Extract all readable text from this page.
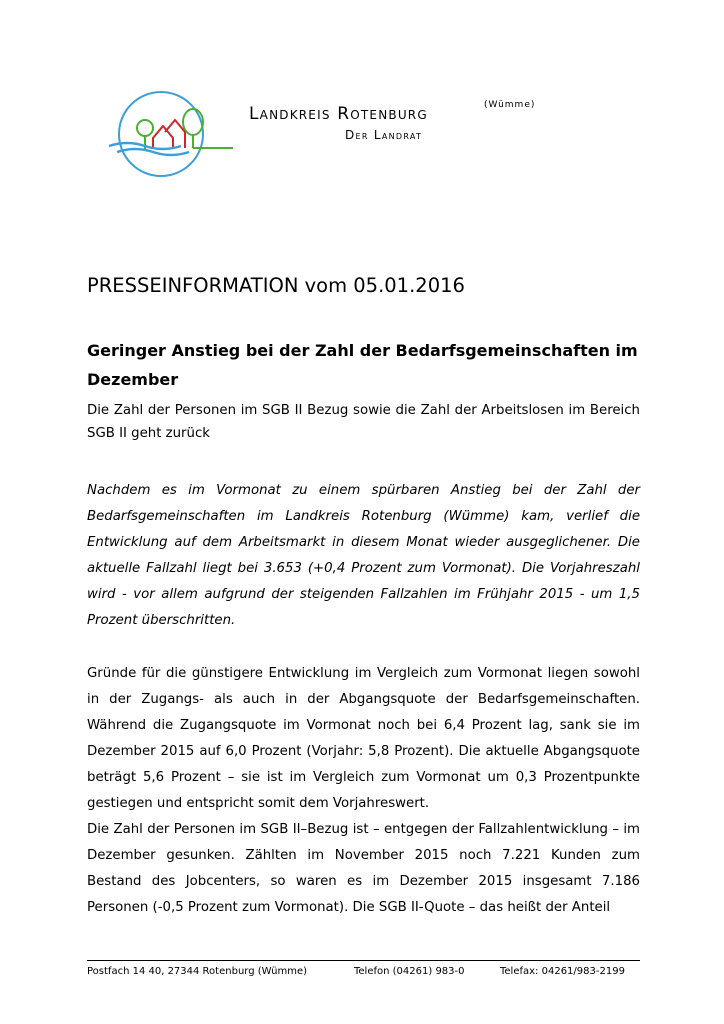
Landkreis Rotenburg	(Wümme)
Der Landrat
PRESSEINFORMATION vom 05.01.2016

Geringer Anstieg bei der Zahl der Bedarfsgemeinschaften im Dezember

Die Zahl der Personen im SGB II Bezug sowie die Zahl der Arbeitslosen im Bereich SGB II geht zurück

Nachdem es im Vormonat zu einem spürbaren Anstieg bei der Zahl der Bedarfsgemeinschaften im Landkreis Rotenburg (Wümme) kam, verlief die Entwicklung auf dem Arbeitsmarkt in diesem Monat wieder ausgeglichener. Die aktuelle Fallzahl liegt bei 3.653 (+0,4 Prozent zum Vormonat). Die Vorjahreszahl wird - vor allem aufgrund der steigenden Fallzahlen im Frühjahr 2015 - um 1,5 Prozent überschritten.

Gründe für die günstigere Entwicklung im Vergleich zum Vormonat liegen sowohl in der Zugangs- als auch in der Abgangsquote der Bedarfsgemeinschaften. Während die Zugangsquote im Vormonat noch bei 6,4 Prozent lag, sank sie im Dezember 2015 auf 6,0 Prozent (Vorjahr: 5,8 Prozent). Die aktuelle Abgangsquote beträgt 5,6 Prozent – sie ist im Vergleich zum Vormonat um 0,3 Prozentpunkte gestiegen und entspricht somit dem Vorjahreswert.
Die Zahl der Personen im SGB II–Bezug ist – entgegen der Fallzahlentwicklung – im Dezember gesunken. Zählten im November 2015 noch 7.221 Kunden zum Bestand des Jobcenters, so waren es im Dezember 2015 insgesamt 7.186 Personen (-0,5 Prozent zum Vormonat). Die SGB II-Quote – das heißt der Anteil
Postfach 14 40, 27344 Rotenburg (Wümme)	Telefon (04261) 983-0	Telefax: 04261/983-2199
